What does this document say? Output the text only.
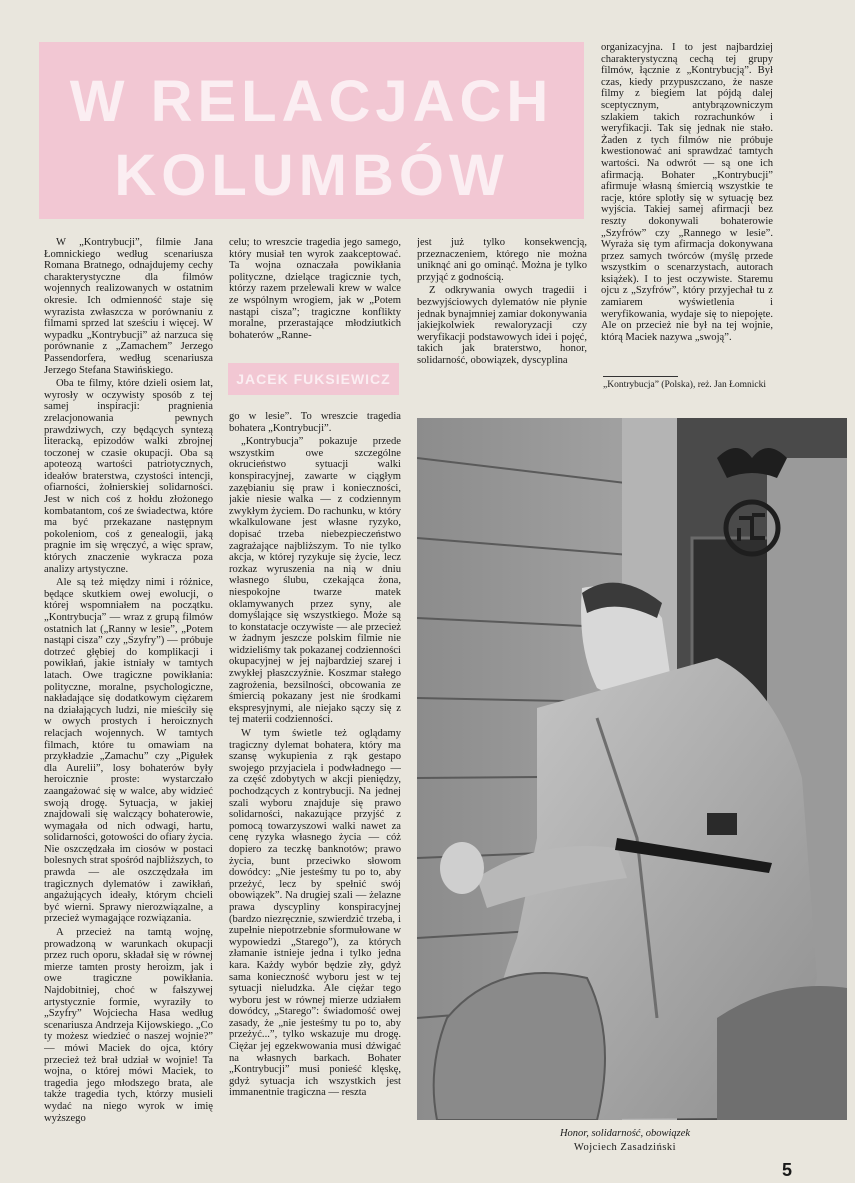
W RELACJACH
KOLUMBÓW

W „Kontrybucji”, filmie Jana Łomnickiego według scenariusza Romana Bratnego, odnajdujemy cechy charakterystyczne dla filmów wojennych realizowanych w ostatnim okresie. Ich odmienność staje się wyrazista zwłaszcza w porównaniu z filmami sprzed lat sześciu i więcej. W wypadku „Kontrybucji” aż narzuca się porównanie z „Zamachem” Jerzego Passendorfera, według scenariusza Jerzego Stefana Stawińskiego.

Oba te filmy, które dzieli osiem lat, wyrosły w oczywisty sposób z tej samej inspiracji: pragnienia zrelacjonowania pewnych prawdziwych, czy będących syntezą literacką, epizodów walki zbrojnej toczonej w czasie okupacji. Oba są apoteozą wartości patriotycznych, ideałów braterstwa, czystości intencji, ofiarności, żołnierskiej solidarności. Jest w nich coś z hołdu złożonego kombatantom, coś ze świadectwa, które ma być przekazane następnym pokoleniom, coś z genealogii, jaką pragnie im się wręczyć, a więc spraw, których znaczenie wykracza poza analizy artystyczne.

Ale są też między nimi i różnice, będące skutkiem owej ewolucji, o której wspomniałem na początku. „Kontrybucja” — wraz z grupą filmów ostatnich lat („Ranny w lesie”, „Potem nastąpi cisza” czy „Szyfry”) — próbuje dotrzeć głębiej do komplikacji i powikłań, jakie istniały w tamtych latach. Owe tragiczne powikłania: polityczne, moralne, psychologiczne, nakładające się dodatkowym ciężarem na działających ludzi, nie mieściły się w owych prostych i heroicznych relacjach wojennych. W tamtych filmach, które tu omawiam na przykładzie „Zamachu” czy „Pigułek dla Aurelii”, losy bohaterów były heroicznie proste: wystarczało zaangażować się w walce, aby widzieć swoją drogę. Sytuacja, w jakiej znajdowali się walczący bohaterowie, wymagała od nich odwagi, hartu, solidarności, gotowości do ofiary życia. Nie oszczędzała im ciosów w postaci bolesnych strat spośród najbliższych, to prawda — ale oszczędzała im tragicznych dylematów i zawikłań, angażujących ideały, którym chcieli być wierni. Sprawy nierozwiązalne, a przecież wymagające rozwiązania.

A przecież na tamtą wojnę, prowadzoną w warunkach okupacji przez ruch oporu, składał się w równej mierze tamten prosty heroizm, jak i owe tragiczne powikłania. Najdobitniej, choć w fałszywej artystycznie formie, wyraziły to „Szyfry” Wojciecha Hasa według scenariusza Andrzeja Kijowskiego. „Co ty możesz wiedzieć o naszej wojnie?” — mówi Maciek do ojca, który przecież też brał udział w wojnie! Ta wojna, o której mówi Maciek, to tragedia jego młodszego brata, ale także tragedia tych, którzy musieli wydać na niego wyrok w imię wyższego

celu; to wreszcie tragedia jego samego, który musiał ten wyrok zaakceptować. Ta wojna oznaczała powikłania polityczne, dzielące tragicznie tych, którzy razem przelewali krew w walce ze wspólnym wrogiem, jak w „Potem nastąpi cisza”; tragiczne konflikty moralne, przerastające młodziutkich bohaterów „Ranne-

JACEK FUKSIEWICZ

go w lesie”. To wreszcie tragedia bohatera „Kontrybucji”.

„Kontrybucja” pokazuje przede wszystkim owe szczególne okrucieństwo sytuacji walki konspiracyjnej, zawarte w ciągłym zazębianiu się praw i konieczności, jakie niesie walka — z codziennym zwykłym życiem. Do rachunku, w który wkalkulowane jest własne ryzyko, dopisać trzeba niebezpieczeństwo zagrażające najbliższym. To nie tylko akcja, w której ryzykuje się życie, lecz rozkaz wyruszenia na nią w dniu własnego ślubu, czekająca żona, niespokojne twarze matek oklamywanych przez syny, ale domyślające się wszystkiego. Może są to konstatacje oczywiste — ale przecież w żadnym jeszcze polskim filmie nie widzieliśmy tak pokazanej codzienności okupacyjnej w jej najbardziej szarej i zwykłej płaszczyźnie. Koszmar stałego zagrożenia, bezsilności, obcowania ze śmiercią pokazany jest nie środkami ekspresyjnymi, ale niejako sączy się z tej materii codzienności.

W tym świetle też oglądamy tragiczny dylemat bohatera, który ma szansę wykupienia z rąk gestapo swojego przyjaciela i podwładnego — za część zdobytych w akcji pieniędzy, pochodzących z kontrybucji. Na jednej szali wyboru znajduje się prawo solidarności, nakazujące przyjść z pomocą towarzyszowi walki nawet za cenę ryzyka własnego życia — cóż dopiero za teczkę banknotów; prawo życia, bunt przeciwko słowom dowódcy: „Nie jesteśmy tu po to, aby przeżyć, lecz by spełnić swój obowiązek”. Na drugiej szali — żelazne prawa dyscypliny konspiracyjnej (bardzo niezręcznie, szwierdzić trzeba, i zupełnie niepotrzebnie sformułowane w wypowiedzi „Starego”), za których złamanie istnieje jedna i tylko jedna kara. Każdy wybór będzie zły, gdyż sama konieczność wyboru jest w tej sytuacji nieludzka. Ale ciężar tego wyboru jest w równej mierze udziałem dowódcy, „Starego”: świadomość owej zasady, że „nie jesteśmy tu po to, aby przeżyć...”, tylko wskazuje mu drogę. Ciężar jej egzekwowania musi dźwigać na własnych barkach. Bohater „Kontrybucji” musi ponieść klęskę, gdyż sytuacja ich wszystkich jest immanentnie tragiczna — reszta

jest już tylko konsekwencją, przeznaczeniem, którego nie można uniknąć ani go ominąć. Można je tylko przyjąć z godnością.

Z odkrywania owych tragedii i bezwyjściowych dylematów nie płynie jednak bynajmniej zamiar dokonywania jakiejkolwiek rewaloryzacji czy weryfikacji podstawowych idei i pojęć, takich jak braterstwo, honor, solidarność, obowiązek, dyscyplina

organizacyjna. I to jest najbardziej charakterystyczną cechą tej grupy filmów, łącznie z „Kontrybucją”. Był czas, kiedy przypuszczano, że nasze filmy z biegiem lat pójdą dalej sceptycznym, antybrązowniczym szlakiem takich rozrachunków i weryfikacji. Tak się jednak nie stało. Żaden z tych filmów nie próbuje kwestionować ani sprawdzać tamtych wartości. Na odwrót — są one ich afirmacją. Bohater „Kontrybucji” afirmuje własną śmiercią wszystkie te racje, które splotły się w sytuację bez wyjścia. Takiej samej afirmacji bez reszty dokonywali bohaterowie „Szyfrów” czy „Rannego w lesie”. Wyraża się tym afirmacja dokonywana przez samych twórców (myślę przede wszystkim o scenarzystach, autorach książek). I to jest oczywiste. Staremu ojcu z „Szyfrów”, który przyjechał tu z zamiarem wyświetlenia i weryfikowania, wydaje się to niepojęte. Ale on przecież nie był na tej wojnie, którą Maciek nazywa „swoją”.

„Kontrybucja” (Polska), reż. Jan Łomnicki
Honor, solidarność, obowiązek
Wojciech Zasadziński
5
